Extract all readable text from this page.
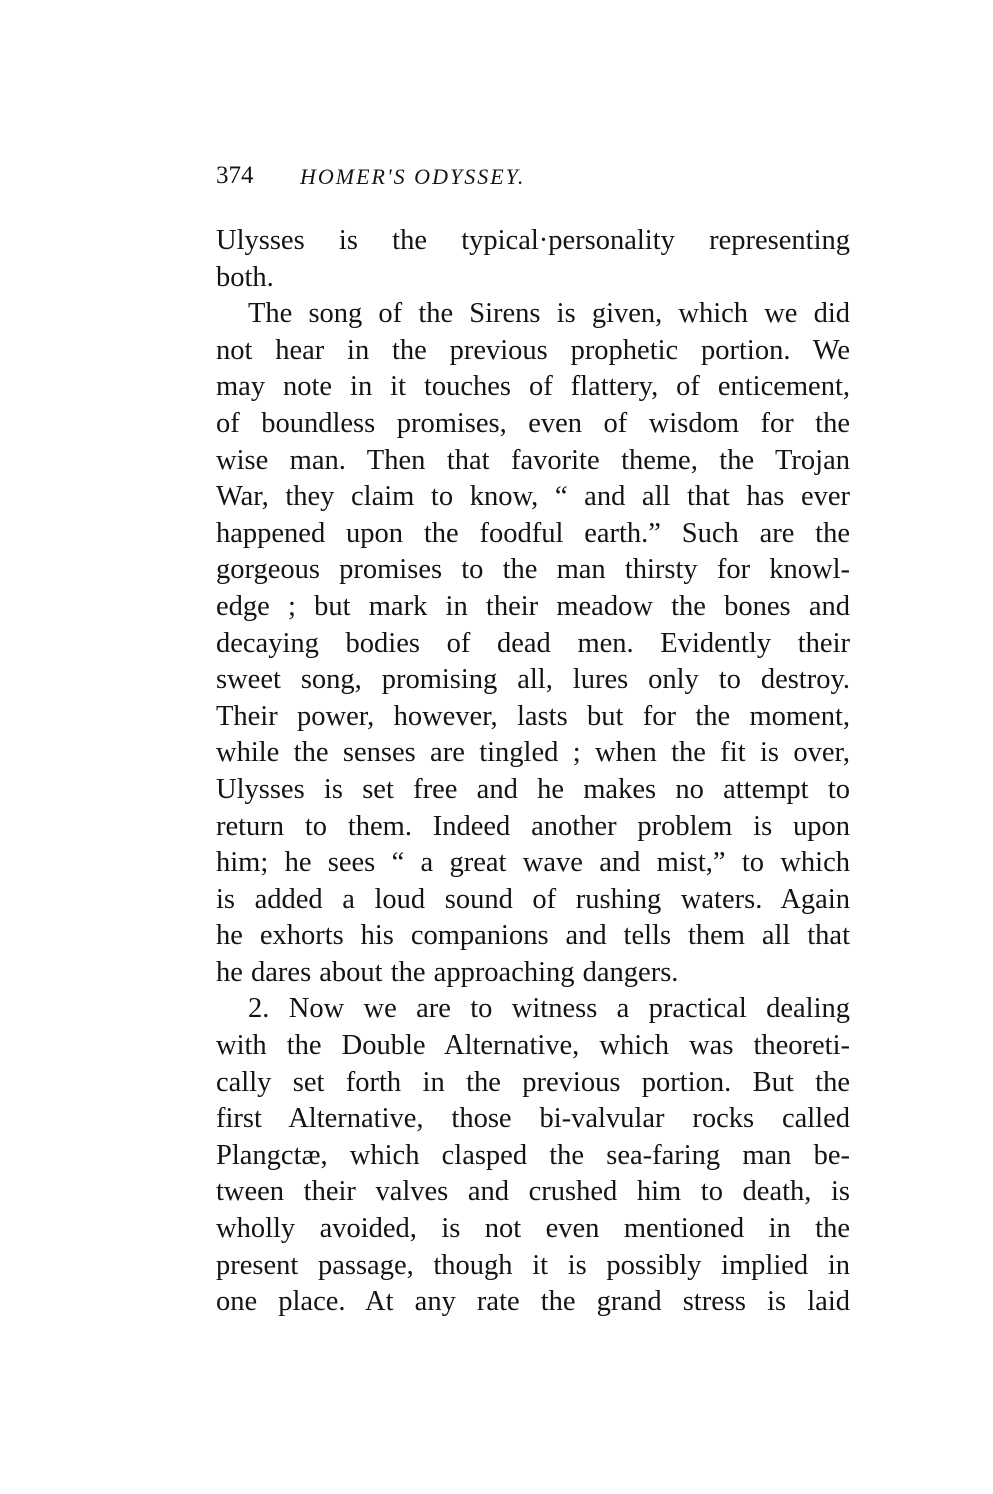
374 HOMER'S ODYSSEY.
Ulysses is the typical·personality representing
both.
The song of the Sirens is given, which we did
not hear in the previous prophetic portion. We
may note in it touches of flattery, of enticement,
of boundless promises, even of wisdom for the
wise man. Then that favorite theme, the Trojan
War, they claim to know, “ and all that has ever
happened upon the foodful earth.” Such are the
gorgeous promises to the man thirsty for knowl-
edge ; but mark in their meadow the bones and
decaying bodies of dead men. Evidently their
sweet song, promising all, lures only to destroy.
Their power, however, lasts but for the moment,
while the senses are tingled ; when the fit is over,
Ulysses is set free and he makes no attempt to
return to them. Indeed another problem is upon
him; he sees “ a great wave and mist,” to which
is added a loud sound of rushing waters. Again
he exhorts his companions and tells them all that
he dares about the approaching dangers.
2. Now we are to witness a practical dealing
with the Double Alternative, which was theoreti-
cally set forth in the previous portion. But the
first Alternative, those bi-valvular rocks called
Plangctæ, which clasped the sea-faring man be-
tween their valves and crushed him to death, is
wholly avoided, is not even mentioned in the
present passage, though it is possibly implied in
one place. At any rate the grand stress is laid
